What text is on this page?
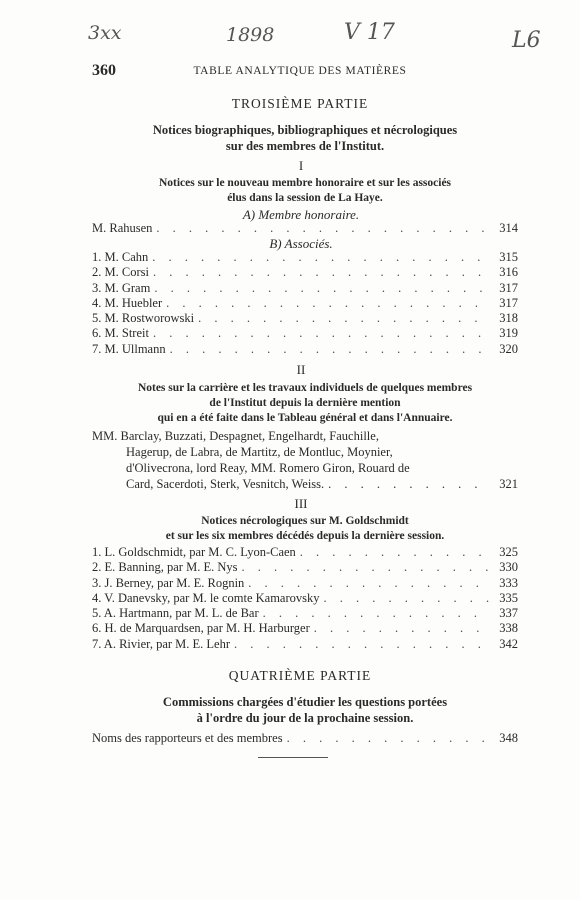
3xx	1898	V 17	L6
360	TABLE ANALYTIQUE DES MATIÈRES
TROISIÈME PARTIE
Notices biographiques, bibliographiques et nécrologiques
sur des membres de l'Institut.
I
Notices sur le nouveau membre honoraire et sur les associés
élus dans la session de La Haye.
A) Membre honoraire.
M. Rahusen . . .	314
B) Associés.
1. M. Cahn . . .	315
2. M. Corsi . . .	316
3. M. Gram . . .	317
4. M. Huebler . . .	317
5. M. Rostworowski . . .	318
6. M. Streit . . .	319
7. M. Ullmann . . .	320
II
Notes sur la carrière et les travaux individuels de quelques membres
de l'Institut depuis la dernière mention
qui en a été faite dans le Tableau général et dans l'Annuaire.
MM. Barclay, Buzzati, Despagnet, Engelhardt, Fauchille,
Hagerup, de Labra, de Martitz, de Montluc, Moynier,
d'Olivecrona, lord Reay, MM. Romero Giron, Rouard de
Card, Sacerdoti, Sterk, Vesnitch, Weiss. . . .	321
III
Notices nécrologiques sur M. Goldschmidt
et sur les six membres décédés depuis la dernière session.
1. L. Goldschmidt, par M. C. Lyon-Caen . . .	325
2. E. Banning, par M. E. Nys . . .	330
3. J. Berney, par M. E. Rognin . . .	333
4. V. Danevsky, par M. le comte Kamarovsky . . .	335
5. A. Hartmann, par M. L. de Bar . . .	337
6. H. de Marquardsen, par M. H. Harburger . . .	338
7. A. Rivier, par M. E. Lehr . . .	342
QUATRIÈME PARTIE
Commissions chargées d'étudier les questions portées
à l'ordre du jour de la prochaine session.
Noms des rapporteurs et des membres . . .	348
